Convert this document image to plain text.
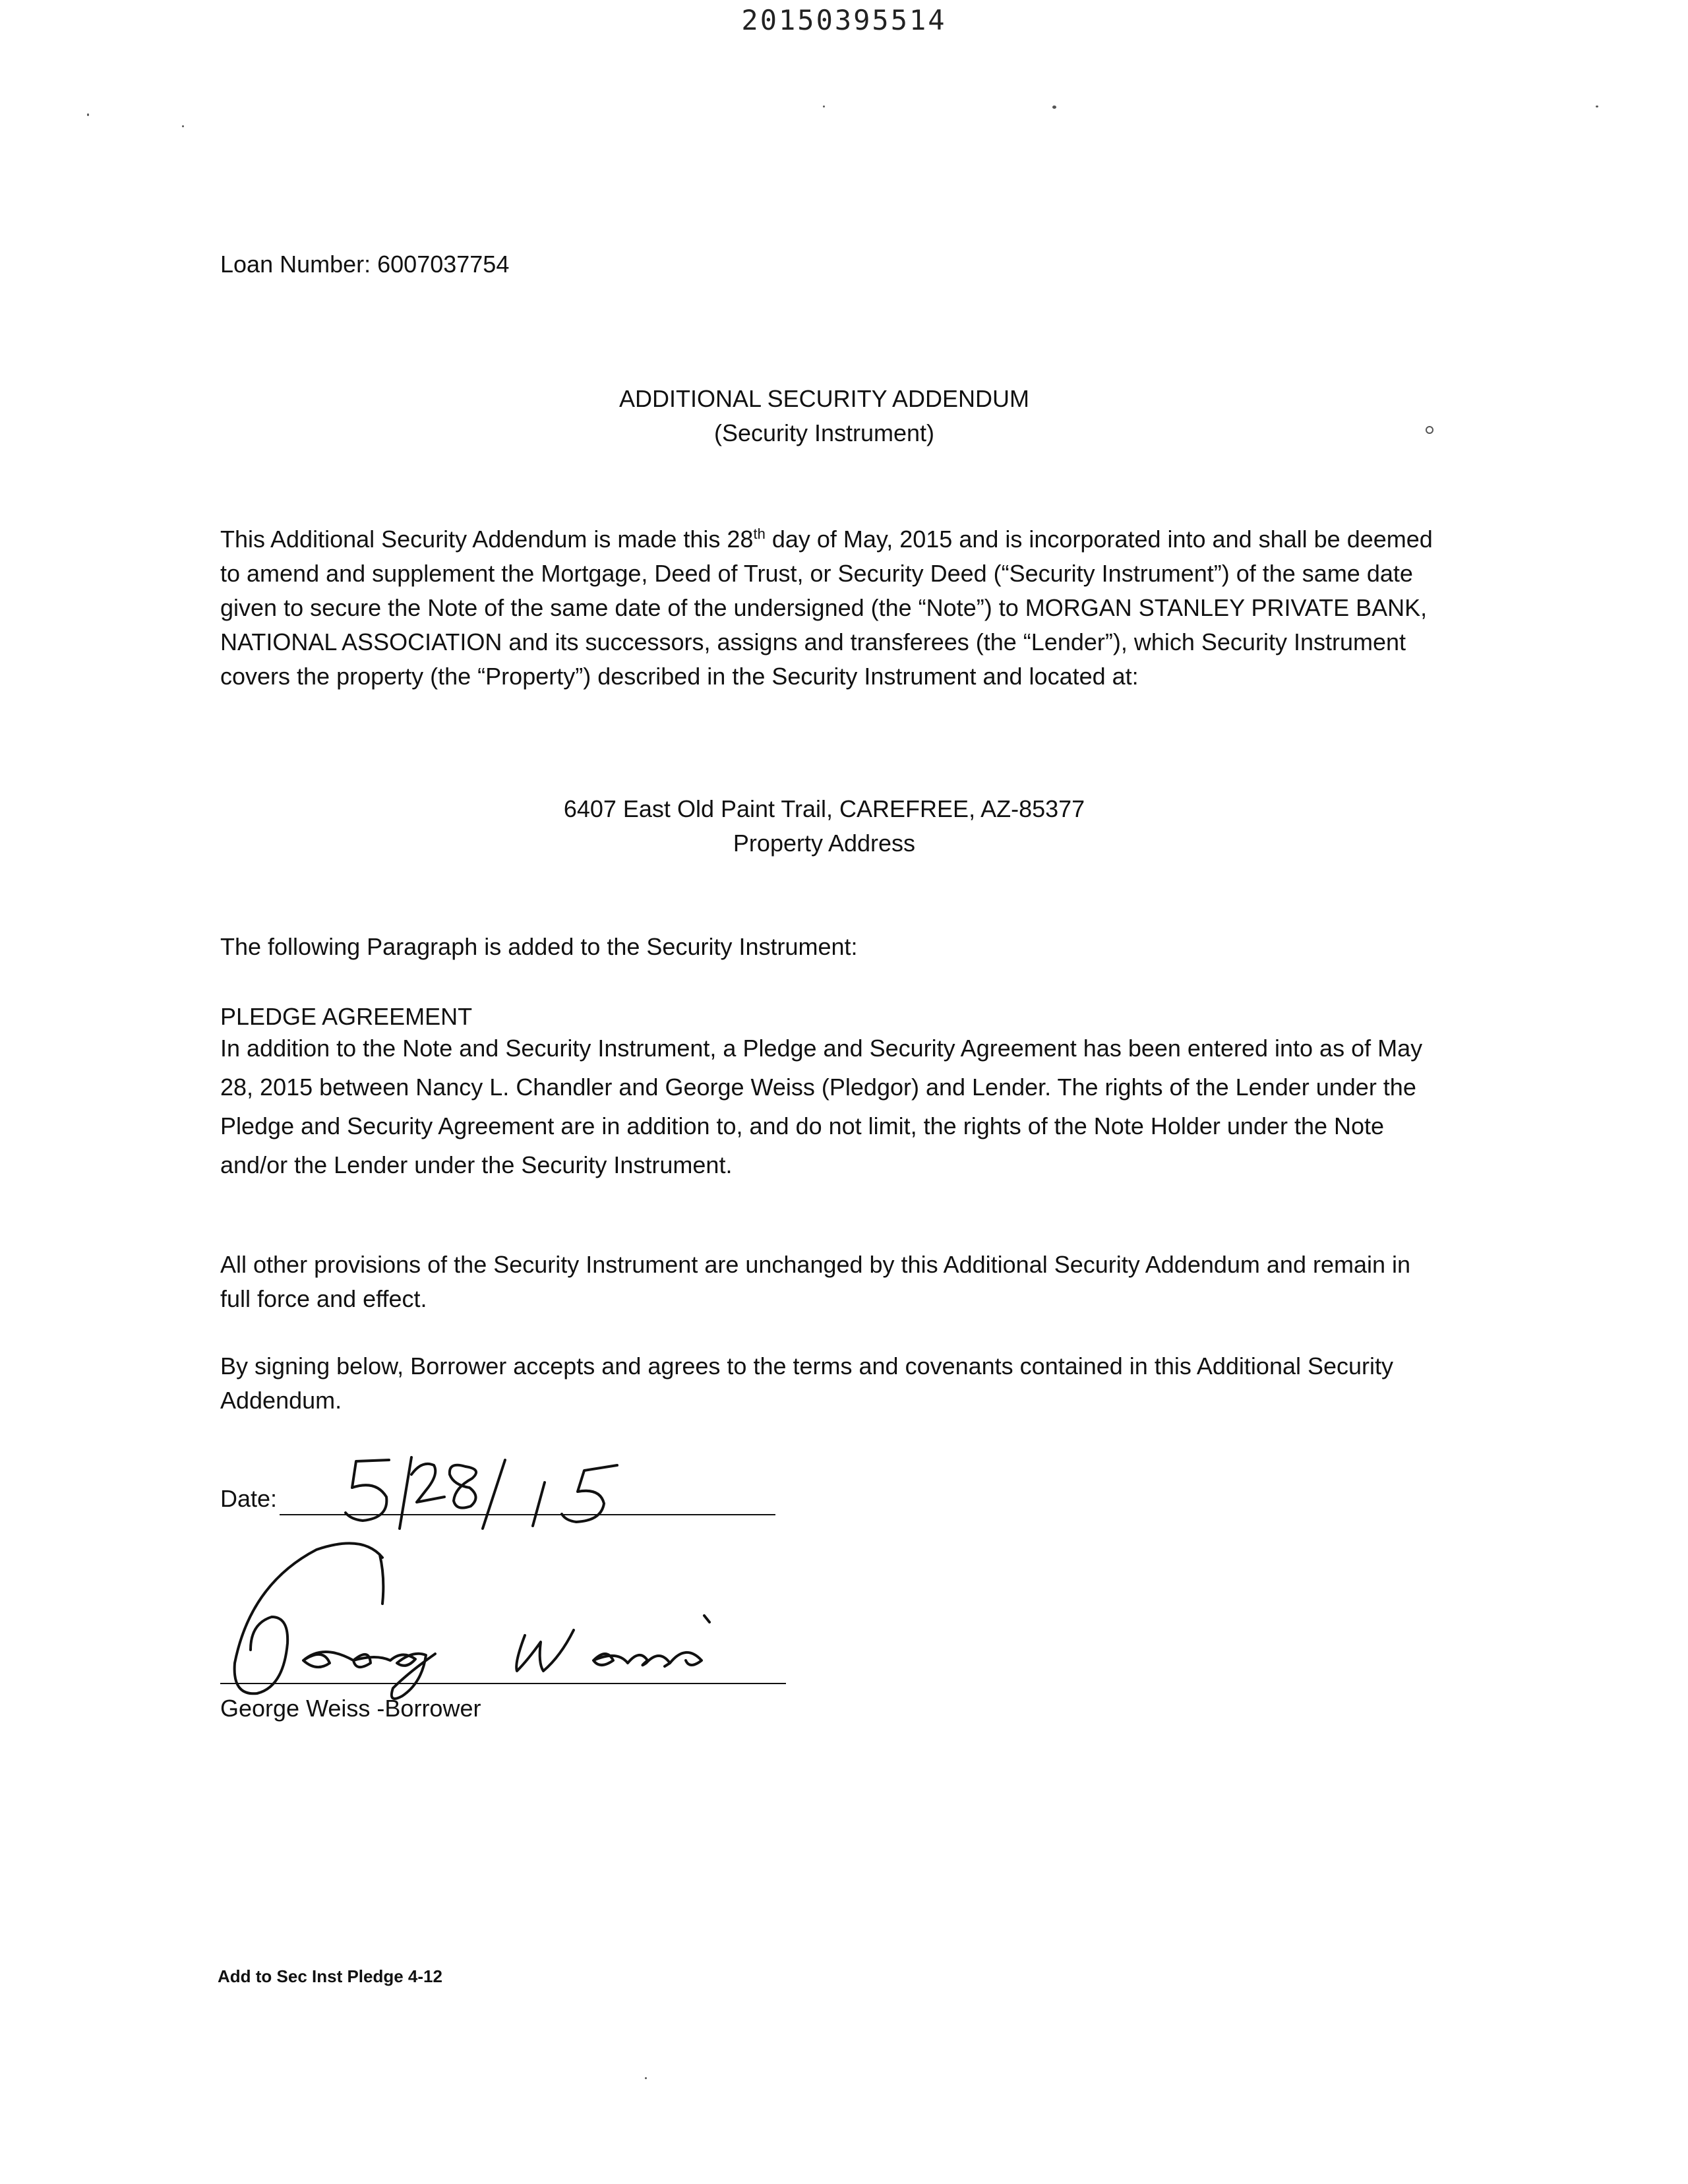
20150395514
Loan Number: 6007037754
ADDITIONAL SECURITY ADDENDUM
(Security Instrument)
This Additional Security Addendum is made this 28th day of May, 2015 and is incorporated into and shall be deemed to amend and supplement the Mortgage, Deed of Trust, or Security Deed (“Security Instrument”) of the same date given to secure the Note of the same date of the undersigned (the “Note”) to MORGAN STANLEY PRIVATE BANK, NATIONAL ASSOCIATION and its successors, assigns and transferees (the “Lender”), which Security Instrument covers the property (the “Property”) described in the Security Instrument and located at:
6407 East Old Paint Trail, CAREFREE, AZ-85377
Property Address
The following Paragraph is added to the Security Instrument:
PLEDGE AGREEMENT
In addition to the Note and Security Instrument, a Pledge and Security Agreement has been entered into as of May 28, 2015 between Nancy L. Chandler and George Weiss (Pledgor) and Lender. The rights of the Lender under the Pledge and Security Agreement are in addition to, and do not limit, the rights of the Note Holder under the Note and/or the Lender under the Security Instrument.
All other provisions of the Security Instrument are unchanged by this Additional Security Addendum and remain in full force and effect.
By signing below, Borrower accepts and agrees to the terms and covenants contained in this Additional Security Addendum.
Date:
George Weiss -Borrower
Add to Sec Inst Pledge 4-12
